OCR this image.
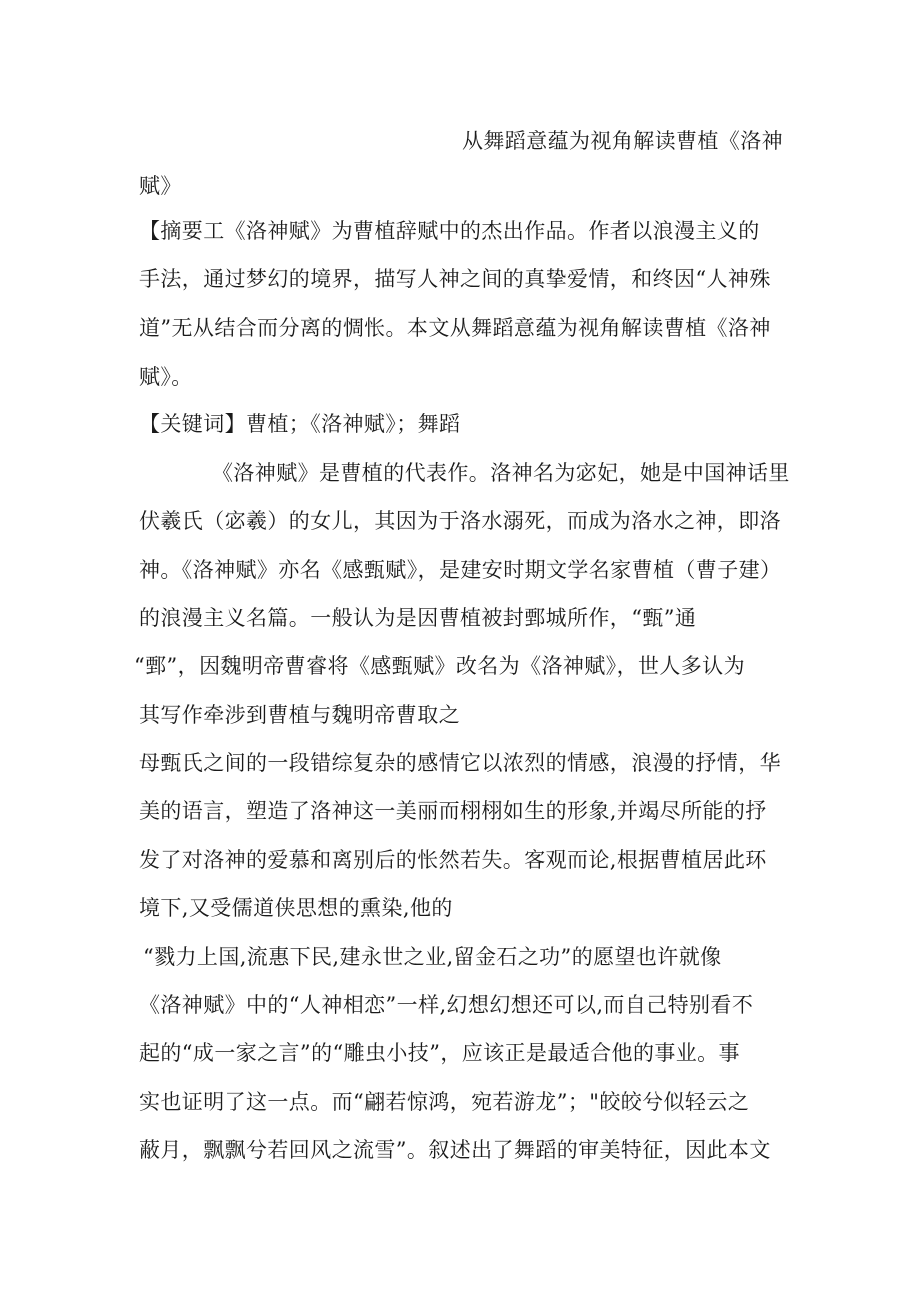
从舞蹈意蕴为视角解读曹植《洛神
赋》
【摘要工《洛神赋》为曹植辞赋中的杰出作品。作者以浪漫主义的
手法，通过梦幻的境界，描写人神之间的真挚爱情，和终因“人神殊
道”无从结合而分离的惆怅。本文从舞蹈意蕴为视角解读曹植《洛神
赋》。
【关键词】曹植；《洛神赋》；舞蹈
《洛神赋》是曹植的代表作。洛神名为宓妃，她是中国神话里
伏羲氏（宓羲）的女儿，其因为于洛水溺死，而成为洛水之神，即洛
神。《洛神赋》亦名《感甄赋》，是建安时期文学名家曹植（曹子建）
的浪漫主义名篇。一般认为是因曹植被封鄄城所作，“甄”通
“鄄”，因魏明帝曹睿将《感甄赋》改名为《洛神赋》，世人多认为
其写作牵涉到曹植与魏明帝曹取之
母甄氏之间的一段错综复杂的感情它以浓烈的情感，浪漫的抒情，华
美的语言，塑造了洛神这一美丽而栩栩如生的形象,并竭尽所能的抒
发了对洛神的爱慕和离别后的怅然若失。客观而论,根据曹植居此环
境下,又受儒道侠思想的熏染,他的
“戮力上国,流惠下民,建永世之业,留金石之功”的愿望也许就像
《洛神赋》中的“人神相恋”一样,幻想幻想还可以,而自己特别看不
起的“成一家之言”的“雕虫小技”，应该正是最适合他的事业。事
实也证明了这一点。而“翩若惊鸿，宛若游龙”；"皎皎兮似轻云之
蔽月，飘飘兮若回风之流雪”。叙述出了舞蹈的审美特征，因此本文
